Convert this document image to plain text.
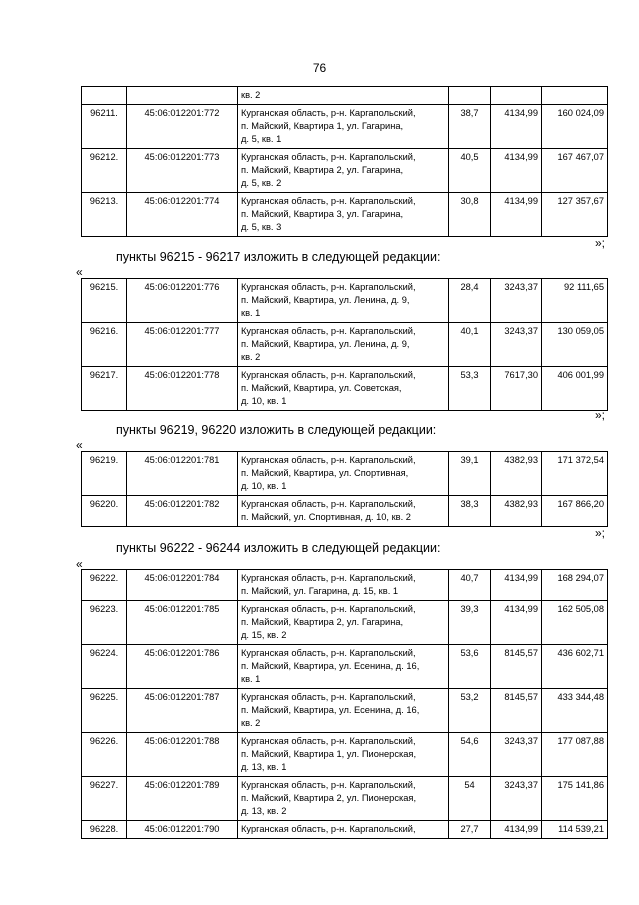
76

		кв. 2			

96211.	45:06:012201:772	Курганская область, р-н. Каргапольский,
п. Майский, Квартира 1, ул. Гагарина,
д. 5, кв. 1	38,7	4134,99	160 024,09
96212.	45:06:012201:773	Курганская область, р-н. Каргапольский,
п. Майский, Квартира 2, ул. Гагарина,
д. 5, кв. 2	40,5	4134,99	167 467,07
96213.	45:06:012201:774	Курганская область, р-н. Каргапольский,
п. Майский, Квартира 3, ул. Гагарина,
д. 5, кв. 3	30,8	4134,99	127 357,67
»;
пункты 96215 - 96217 изложить в следующей редакции:
«
96215.	45:06:012201:776	Курганская область, р-н. Каргапольский,
п. Майский, Квартира, ул. Ленина, д. 9,
кв. 1	28,4	3243,37	92 111,65
96216.	45:06:012201:777	Курганская область, р-н. Каргапольский,
п. Майский, Квартира, ул. Ленина, д. 9,
кв. 2	40,1	3243,37	130 059,05
96217.	45:06:012201:778	Курганская область, р-н. Каргапольский,
п. Майский, Квартира, ул. Советская,
д. 10, кв. 1	53,3	7617,30	406 001,99
»;
пункты 96219, 96220 изложить в следующей редакции:
«
96219.	45:06:012201:781	Курганская область, р-н. Каргапольский,
п. Майский, Квартира, ул. Спортивная,
д. 10, кв. 1	39,1	4382,93	171 372,54
96220.	45:06:012201:782	Курганская область, р-н. Каргапольский,
п. Майский, ул. Спортивная, д. 10, кв. 2	38,3	4382,93	167 866,20
»;
пункты 96222 - 96244 изложить в следующей редакции:
«
96222.	45:06:012201:784	Курганская область, р-н. Каргапольский,
п. Майский, ул. Гагарина, д. 15, кв. 1	40,7	4134,99	168 294,07
96223.	45:06:012201:785	Курганская область, р-н. Каргапольский,
п. Майский, Квартира 2, ул. Гагарина,
д. 15, кв. 2	39,3	4134,99	162 505,08
96224.	45:06:012201:786	Курганская область, р-н. Каргапольский,
п. Майский, Квартира, ул. Есенина, д. 16,
кв. 1	53,6	8145,57	436 602,71
96225.	45:06:012201:787	Курганская область, р-н. Каргапольский,
п. Майский, Квартира, ул. Есенина, д. 16,
кв. 2	53,2	8145,57	433 344,48
96226.	45:06:012201:788	Курганская область, р-н. Каргапольский,
п. Майский, Квартира 1, ул. Пионерская,
д. 13, кв. 1	54,6	3243,37	177 087,88
96227.	45:06:012201:789	Курганская область, р-н. Каргапольский,
п. Майский, Квартира 2, ул. Пионерская,
д. 13, кв. 2	54	3243,37	175 141,86
96228.	45:06:012201:790	Курганская область, р-н. Каргапольский,	27,7	4134,99	114 539,21
